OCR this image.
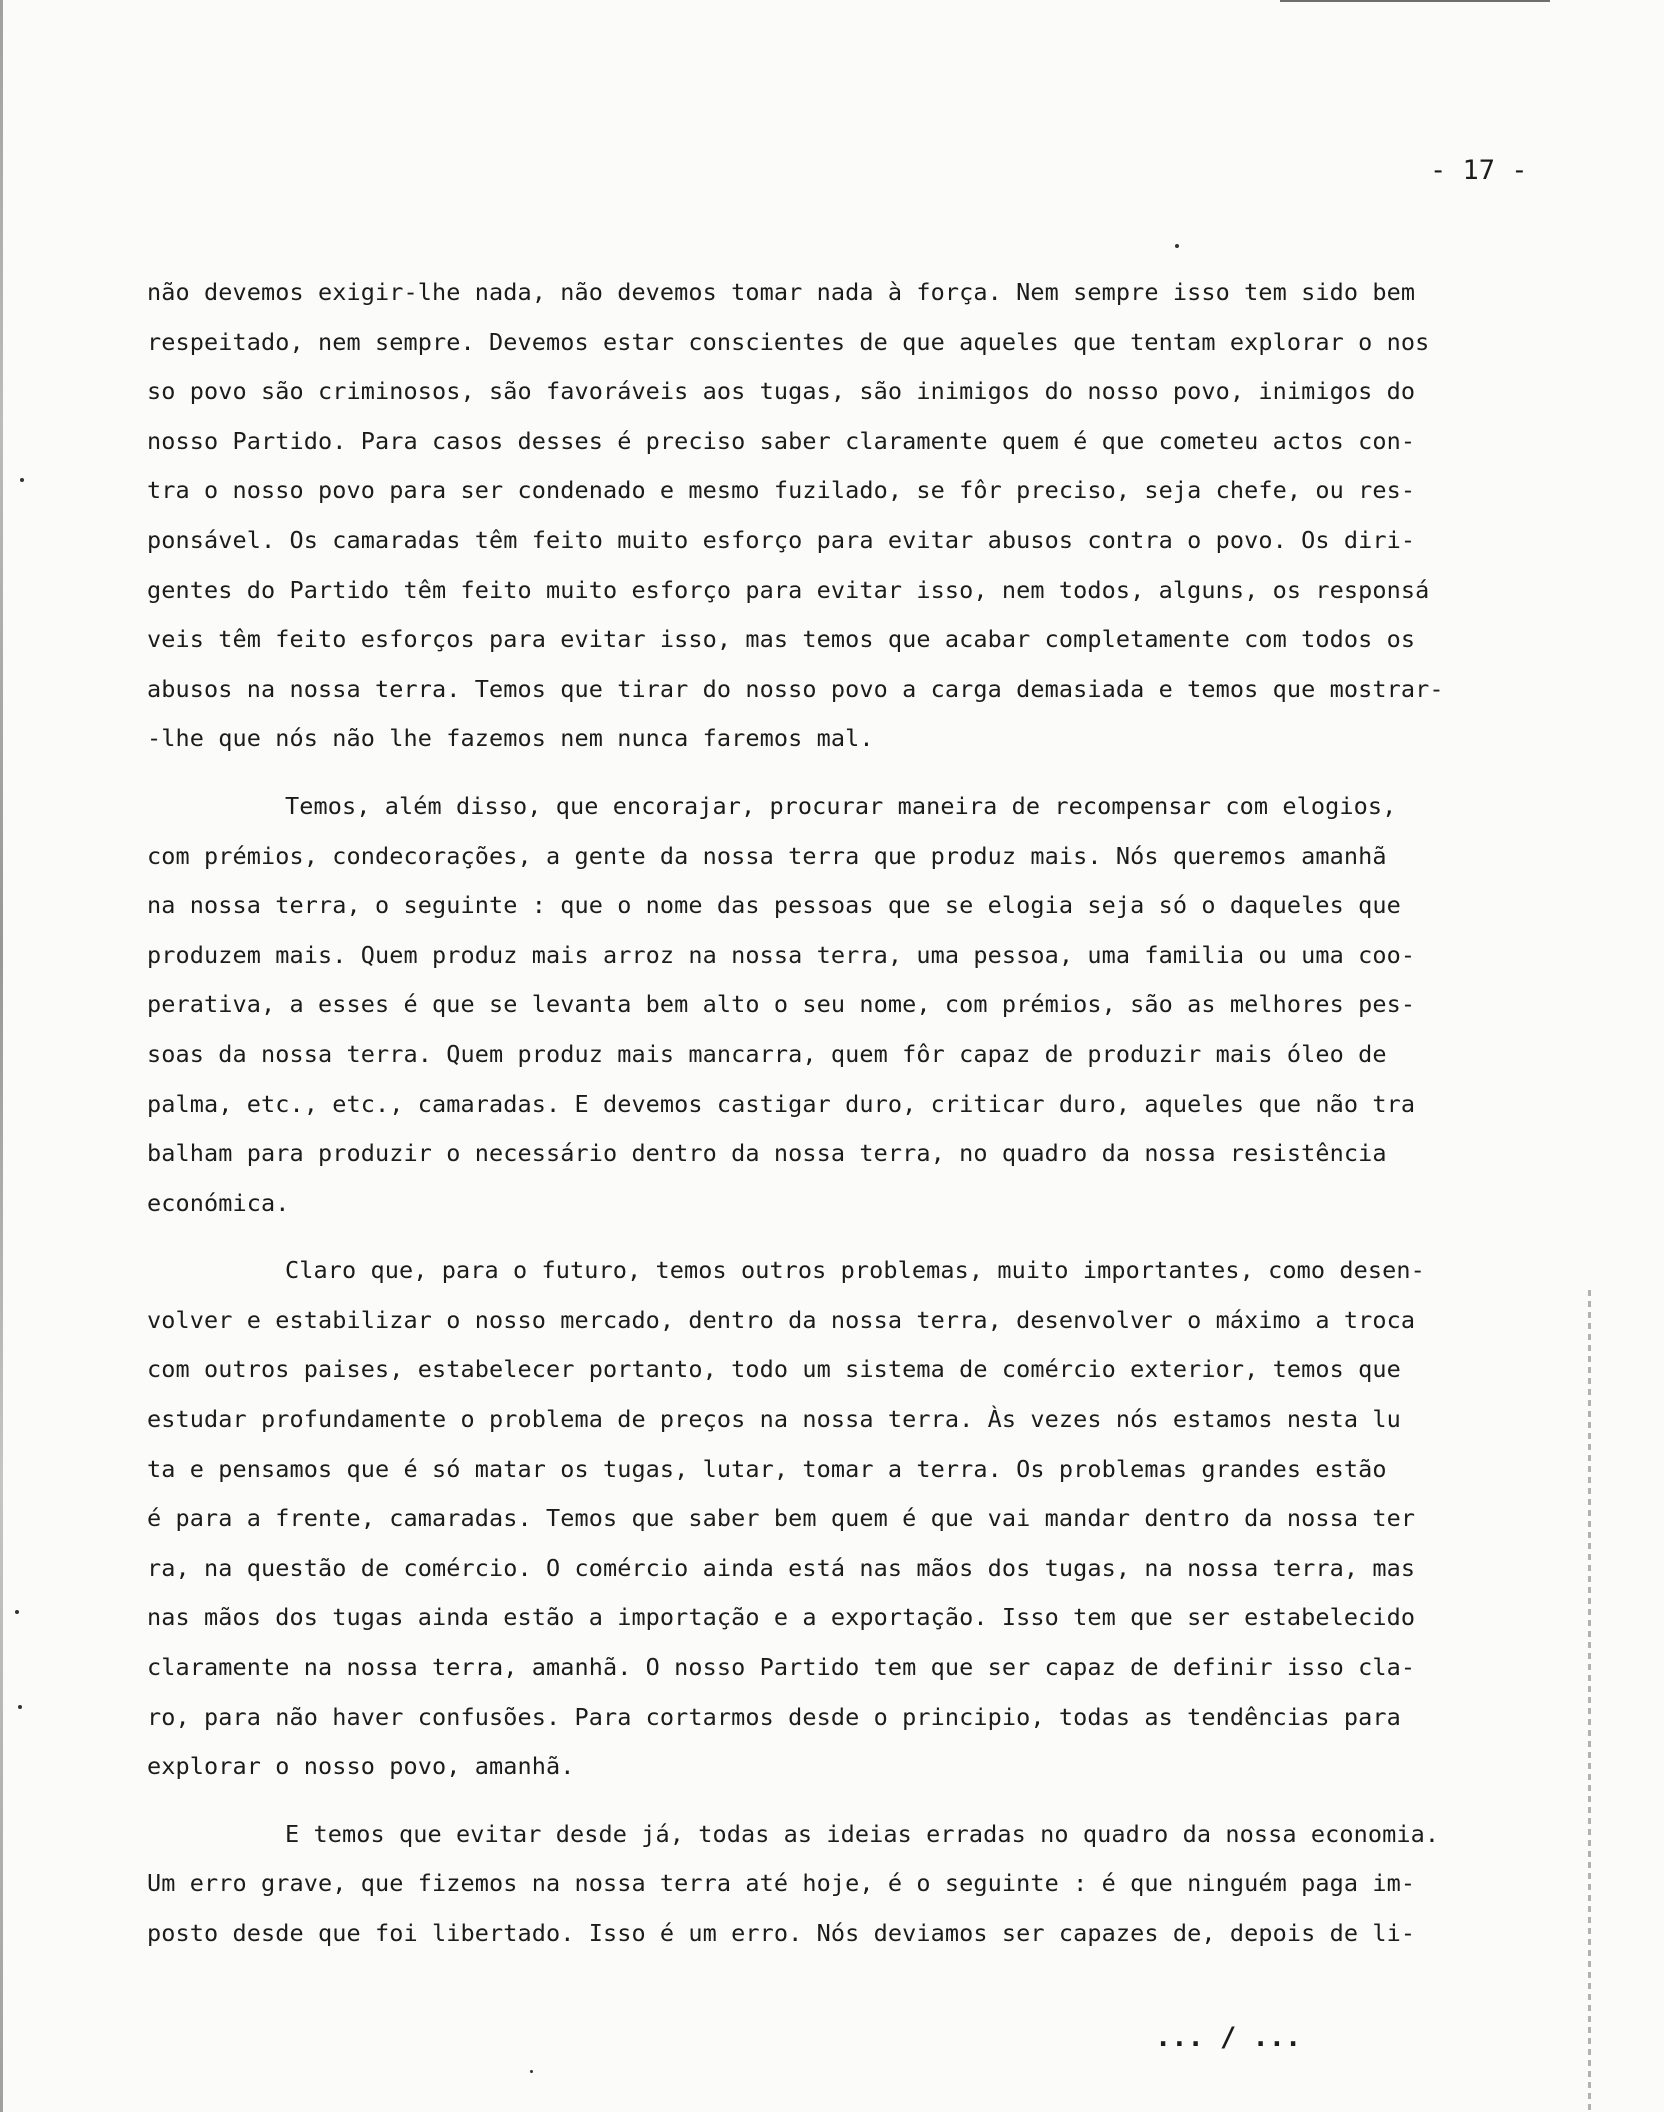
- 17 -

não devemos exigir-lhe nada, não devemos tomar nada à força. Nem sempre isso tem sido bem
respeitado, nem sempre. Devemos estar conscientes de que aqueles que tentam explorar o nos
so povo são criminosos, são favoráveis aos tugas, são inimigos do nosso povo, inimigos do
nosso Partido. Para casos desses é preciso saber claramente quem é que cometeu actos con-
tra o nosso povo para ser condenado e mesmo fuzilado, se fôr preciso, seja chefe, ou res-
ponsável. Os camaradas têm feito muito esforço para evitar abusos contra o povo. Os diri-
gentes do Partido têm feito muito esforço para evitar isso, nem todos, alguns, os responsá
veis têm feito esforços para evitar isso, mas temos que acabar completamente com todos os
abusos na nossa terra. Temos que tirar do nosso povo a carga demasiada e temos que mostrar-
-lhe que nós não lhe fazemos nem nunca faremos mal.
Temos, além disso, que encorajar, procurar maneira de recompensar com elogios,
com prémios, condecorações, a gente da nossa terra que produz mais. Nós queremos amanhã
na nossa terra, o seguinte : que o nome das pessoas que se elogia seja só o daqueles que
produzem mais. Quem produz mais arroz na nossa terra, uma pessoa, uma familia ou uma coo-
perativa, a esses é que se levanta bem alto o seu nome, com prémios, são as melhores pes-
soas da nossa terra. Quem produz mais mancarra, quem fôr capaz de produzir mais óleo de
palma, etc., etc., camaradas. E devemos castigar duro, criticar duro, aqueles que não tra
balham para produzir o necessário dentro da nossa terra, no quadro da nossa resistência
económica.
Claro que, para o futuro, temos outros problemas, muito importantes, como desen-
volver e estabilizar o nosso mercado, dentro da nossa terra, desenvolver o máximo a troca
com outros paises, estabelecer portanto, todo um sistema de comércio exterior, temos que
estudar profundamente o problema de preços na nossa terra. Às vezes nós estamos nesta lu
ta e pensamos que é só matar os tugas, lutar, tomar a terra. Os problemas grandes estão
é para a frente, camaradas. Temos que saber bem quem é que vai mandar dentro da nossa ter
ra, na questão de comércio. O comércio ainda está nas mãos dos tugas, na nossa terra, mas
nas mãos dos tugas ainda estão a importação e a exportação. Isso tem que ser estabelecido
claramente na nossa terra, amanhã. O nosso Partido tem que ser capaz de definir isso cla-
ro, para não haver confusões. Para cortarmos desde o principio, todas as tendências para
explorar o nosso povo, amanhã.
E temos que evitar desde já, todas as ideias erradas no quadro da nossa economia.
Um erro grave, que fizemos na nossa terra até hoje, é o seguinte : é que ninguém paga im-
posto desde que foi libertado. Isso é um erro. Nós deviamos ser capazes de, depois de li-

... / ...
